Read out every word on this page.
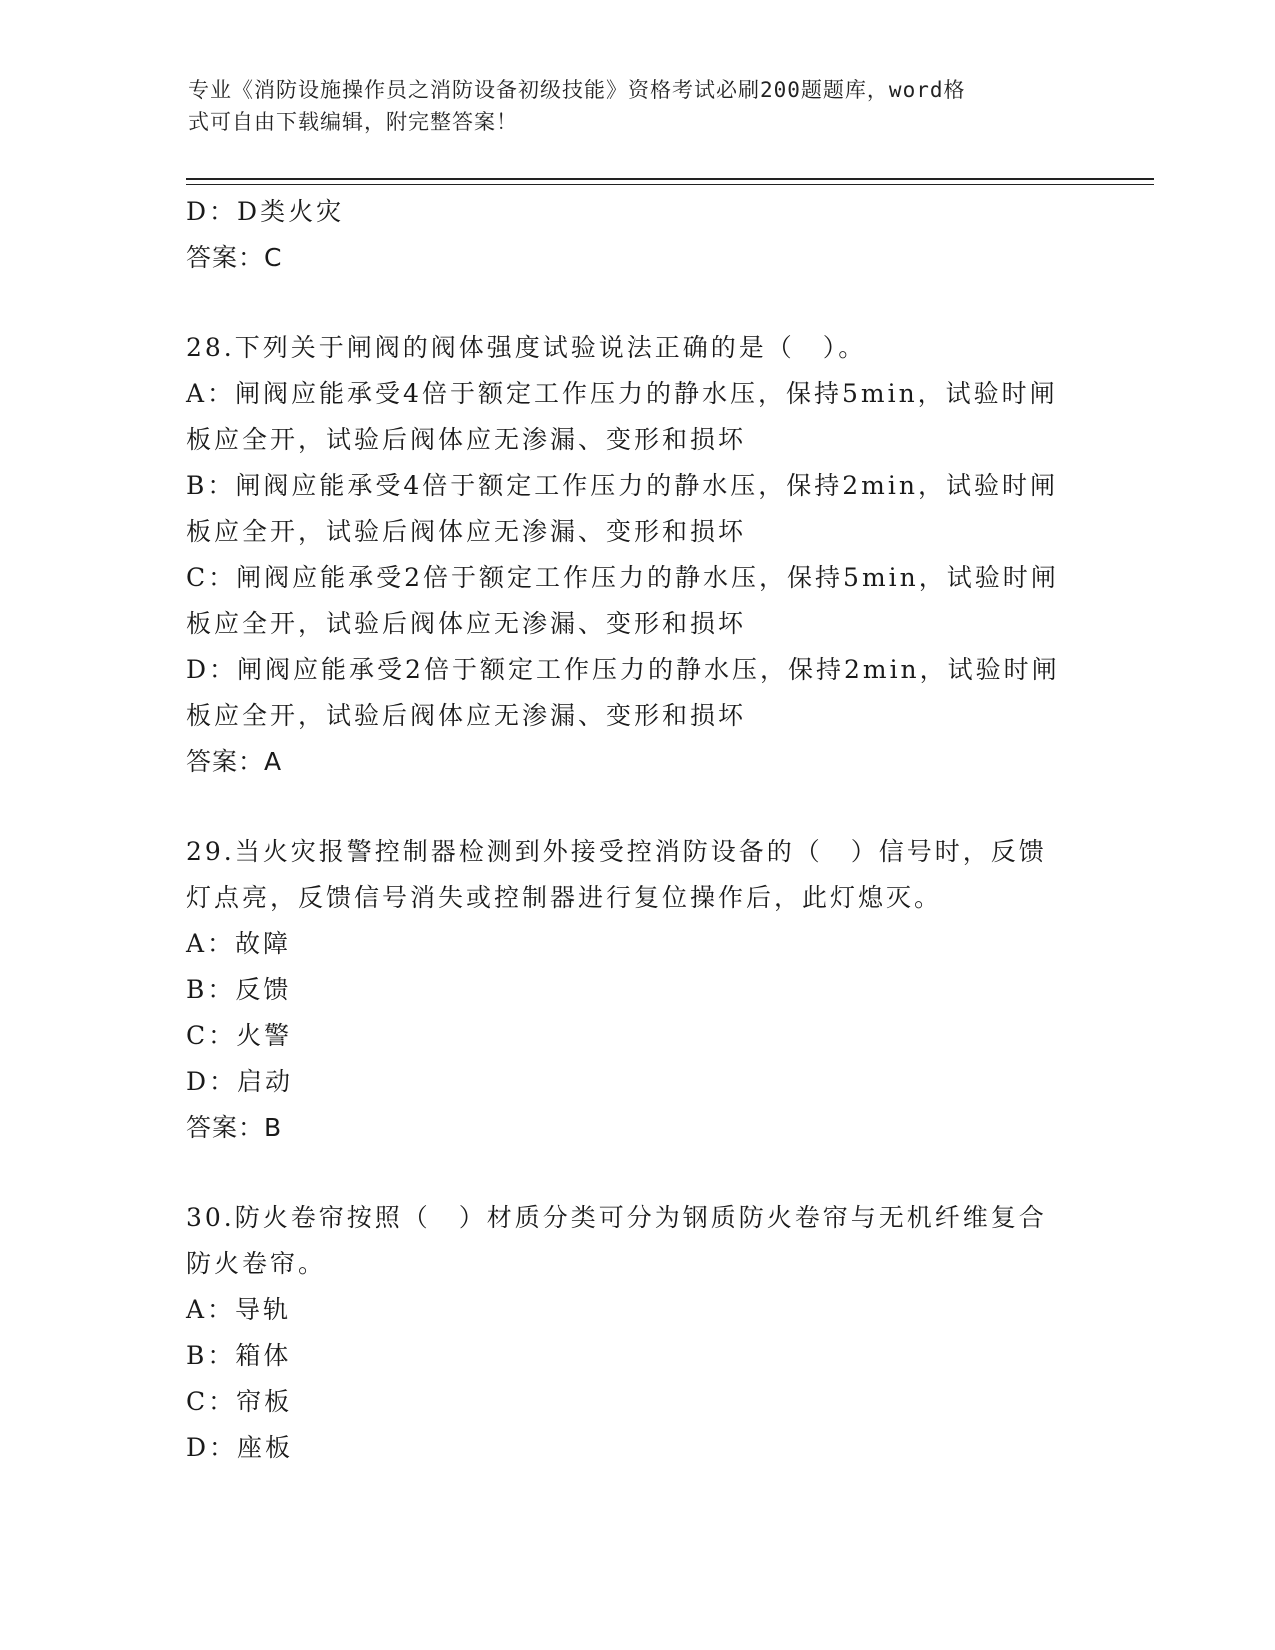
专业《消防设施操作员之消防设备初级技能》资格考试必刷200题题库，word格
式可自由下载编辑，附完整答案！
D：D类火灾
答案：C
28.下列关于闸阀的阀体强度试验说法正确的是（　）。
A：闸阀应能承受4倍于额定工作压力的静水压，保持5min，试验时闸
板应全开，试验后阀体应无渗漏、变形和损坏
B：闸阀应能承受4倍于额定工作压力的静水压，保持2min，试验时闸
板应全开，试验后阀体应无渗漏、变形和损坏
C：闸阀应能承受2倍于额定工作压力的静水压，保持5min，试验时闸
板应全开，试验后阀体应无渗漏、变形和损坏
D：闸阀应能承受2倍于额定工作压力的静水压，保持2min，试验时闸
板应全开，试验后阀体应无渗漏、变形和损坏
答案：A
29.当火灾报警控制器检测到外接受控消防设备的（　）信号时，反馈
灯点亮，反馈信号消失或控制器进行复位操作后，此灯熄灭。
A：故障
B：反馈
C：火警
D：启动
答案：B
30.防火卷帘按照（　）材质分类可分为钢质防火卷帘与无机纤维复合
防火卷帘。
A：导轨
B：箱体
C：帘板
D：座板
